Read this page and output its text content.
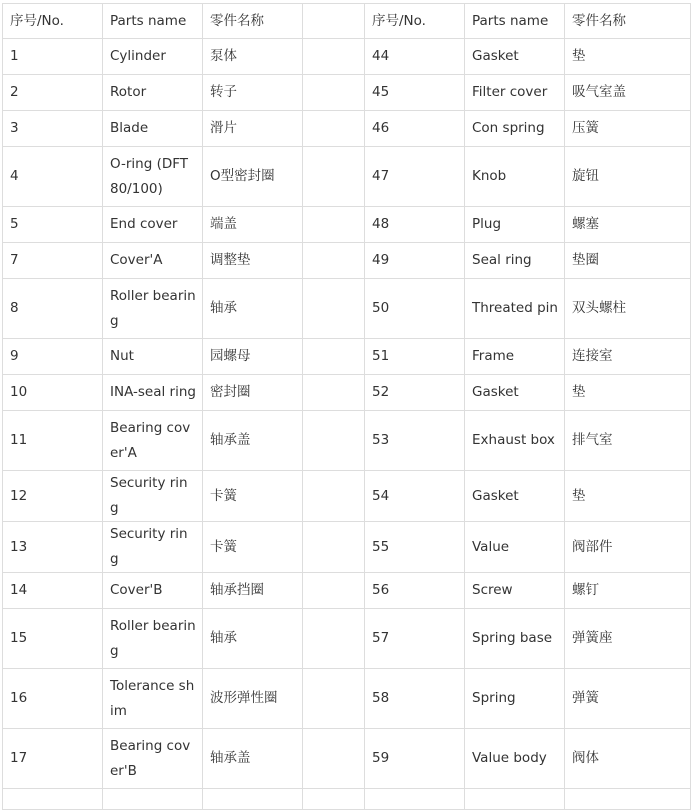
序号/No.	Parts name	零件名称		序号/No.	Parts name	零件名称
1	Cylinder	泵体		44	Gasket	垫
2	Rotor	转子		45	Filter cover	吸气室盖
3	Blade	滑片		46	Con spring	压簧
4	O-ring (DFT 80/100)	O型密封圈		47	Knob	旋钮
5	End cover	端盖		48	Plug	螺塞
7	Cover'A	调整垫		49	Seal ring	垫圈
8	Roller bearing	轴承		50	Threated pin	双头螺柱
9	Nut	园螺母		51	Frame	连接室
10	INA-seal ring	密封圈		52	Gasket	垫
11	Bearing cover'A	轴承盖		53	Exhaust box	排气室
12	Security ring	卡簧		54	Gasket	垫
13	Security ring	卡簧		55	Value	阀部件
14	Cover'B	轴承挡圈		56	Screw	螺钉
15	Roller bearing	轴承		57	Spring base	弹簧座
16	Tolerance shim	波形弹性圈		58	Spring	弹簧
17	Bearing cover'B	轴承盖		59	Value body	阀体
